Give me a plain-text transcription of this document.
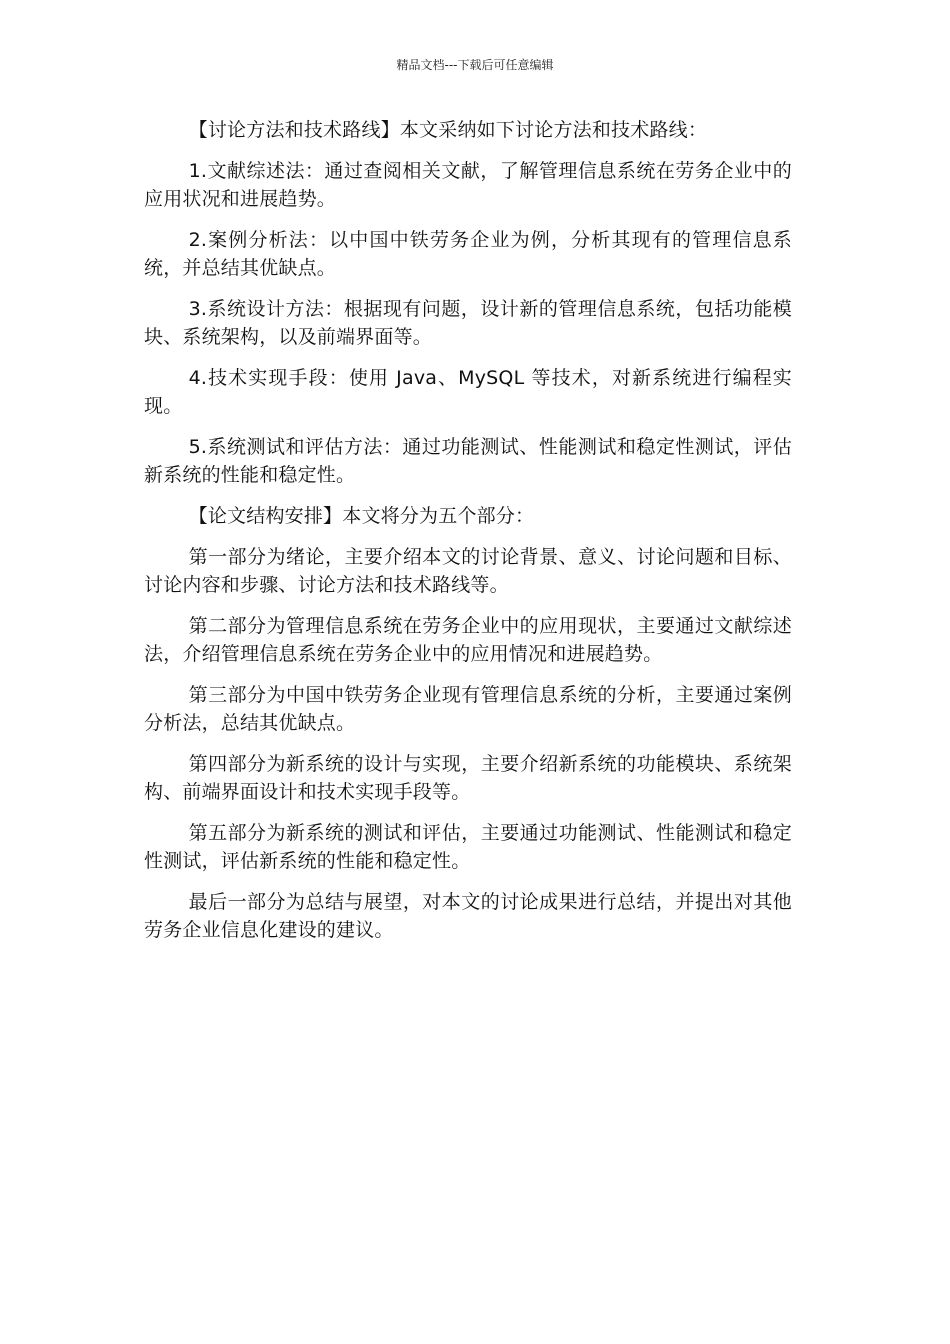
精品文档---下载后可任意编辑

【讨论方法和技术路线】本文采纳如下讨论方法和技术路线：

1.文献综述法：通过查阅相关文献，了解管理信息系统在劳务企业中的应用状况和进展趋势。

2.案例分析法：以中国中铁劳务企业为例，分析其现有的管理信息系统，并总结其优缺点。

3.系统设计方法：根据现有问题，设计新的管理信息系统，包括功能模块、系统架构，以及前端界面等。

4.技术实现手段：使用 Java、MySQL 等技术，对新系统进行编程实现。

5.系统测试和评估方法：通过功能测试、性能测试和稳定性测试，评估新系统的性能和稳定性。

【论文结构安排】本文将分为五个部分：

第一部分为绪论，主要介绍本文的讨论背景、意义、讨论问题和目标、讨论内容和步骤、讨论方法和技术路线等。

第二部分为管理信息系统在劳务企业中的应用现状，主要通过文献综述法，介绍管理信息系统在劳务企业中的应用情况和进展趋势。

第三部分为中国中铁劳务企业现有管理信息系统的分析，主要通过案例分析法，总结其优缺点。

第四部分为新系统的设计与实现，主要介绍新系统的功能模块、系统架构、前端界面设计和技术实现手段等。

第五部分为新系统的测试和评估，主要通过功能测试、性能测试和稳定性测试，评估新系统的性能和稳定性。

最后一部分为总结与展望，对本文的讨论成果进行总结，并提出对其他劳务企业信息化建设的建议。
